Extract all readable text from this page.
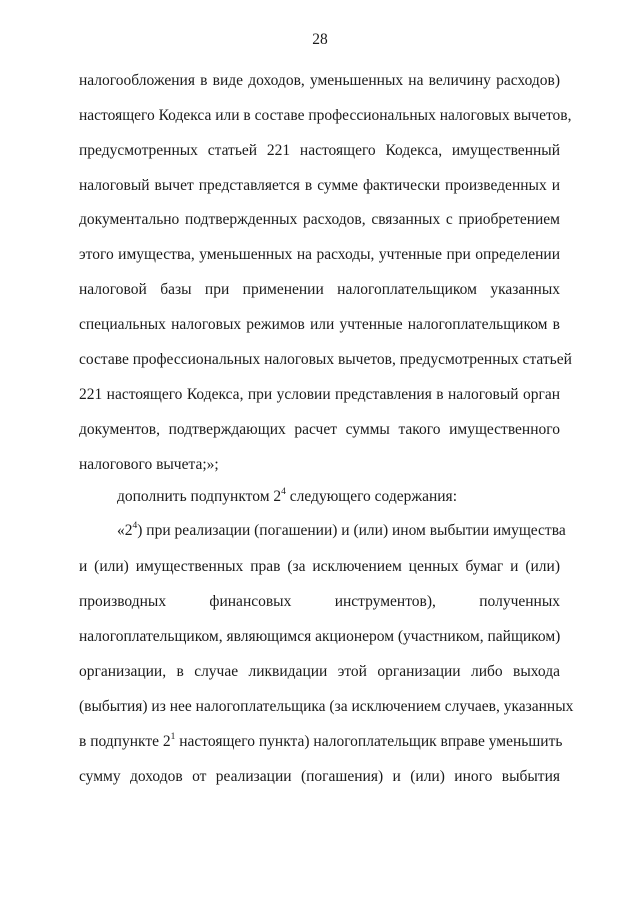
28
налогообложения в виде доходов, уменьшенных на величину расходов)
настоящего Кодекса или в составе профессиональных налоговых вычетов,
предусмотренных статьей 221 настоящего Кодекса, имущественный
налоговый вычет представляется в сумме фактически произведенных и
документально подтвержденных расходов, связанных с приобретением
этого имущества, уменьшенных на расходы, учтенные при определении
налоговой базы при применении налогоплательщиком указанных
специальных налоговых режимов или учтенные налогоплательщиком в
составе профессиональных налоговых вычетов, предусмотренных статьей
221 настоящего Кодекса, при условии представления в налоговый орган
документов, подтверждающих расчет суммы такого имущественного
налогового вычета;»;
дополнить подпунктом $2^4$ следующего содержания:
«$2^4$) при реализации (погашении) и (или) ином выбытии имущества
и (или) имущественных прав (за исключением ценных бумаг и (или)
производных финансовых инструментов), полученных
налогоплательщиком, являющимся акционером (участником, пайщиком)
организации, в случае ликвидации этой организации либо выхода
(выбытия) из нее налогоплательщика (за исключением случаев, указанных
в подпункте $2^1$ настоящего пункта) налогоплательщик вправе уменьшить
сумму доходов от реализации (погашения) и (или) иного выбытия
